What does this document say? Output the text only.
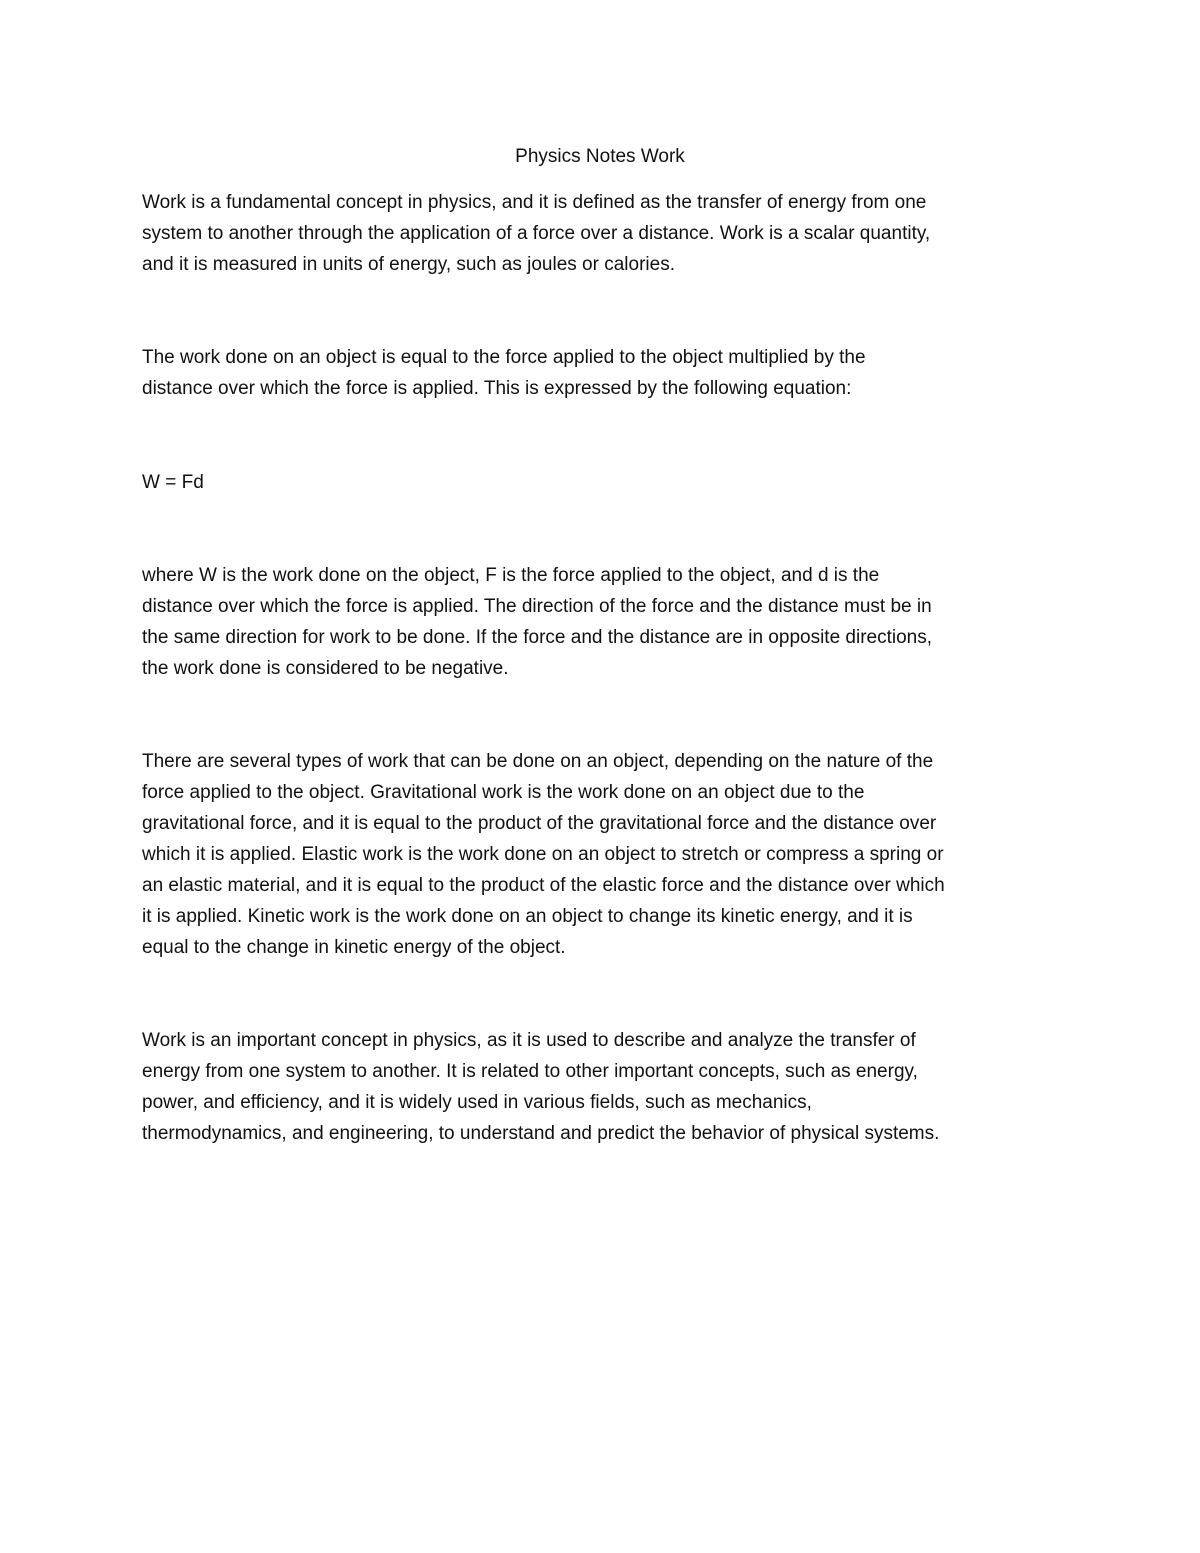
Physics Notes Work

Work is a fundamental concept in physics, and it is defined as the transfer of energy from one
system to another through the application of a force over a distance. Work is a scalar quantity,
and it is measured in units of energy, such as joules or calories.

The work done on an object is equal to the force applied to the object multiplied by the
distance over which the force is applied. This is expressed by the following equation:

W = Fd

where W is the work done on the object, F is the force applied to the object, and d is the
distance over which the force is applied. The direction of the force and the distance must be in
the same direction for work to be done. If the force and the distance are in opposite directions,
the work done is considered to be negative.

There are several types of work that can be done on an object, depending on the nature of the
force applied to the object. Gravitational work is the work done on an object due to the
gravitational force, and it is equal to the product of the gravitational force and the distance over
which it is applied. Elastic work is the work done on an object to stretch or compress a spring or
an elastic material, and it is equal to the product of the elastic force and the distance over which
it is applied. Kinetic work is the work done on an object to change its kinetic energy, and it is
equal to the change in kinetic energy of the object.

Work is an important concept in physics, as it is used to describe and analyze the transfer of
energy from one system to another. It is related to other important concepts, such as energy,
power, and efficiency, and it is widely used in various fields, such as mechanics,
thermodynamics, and engineering, to understand and predict the behavior of physical systems.
